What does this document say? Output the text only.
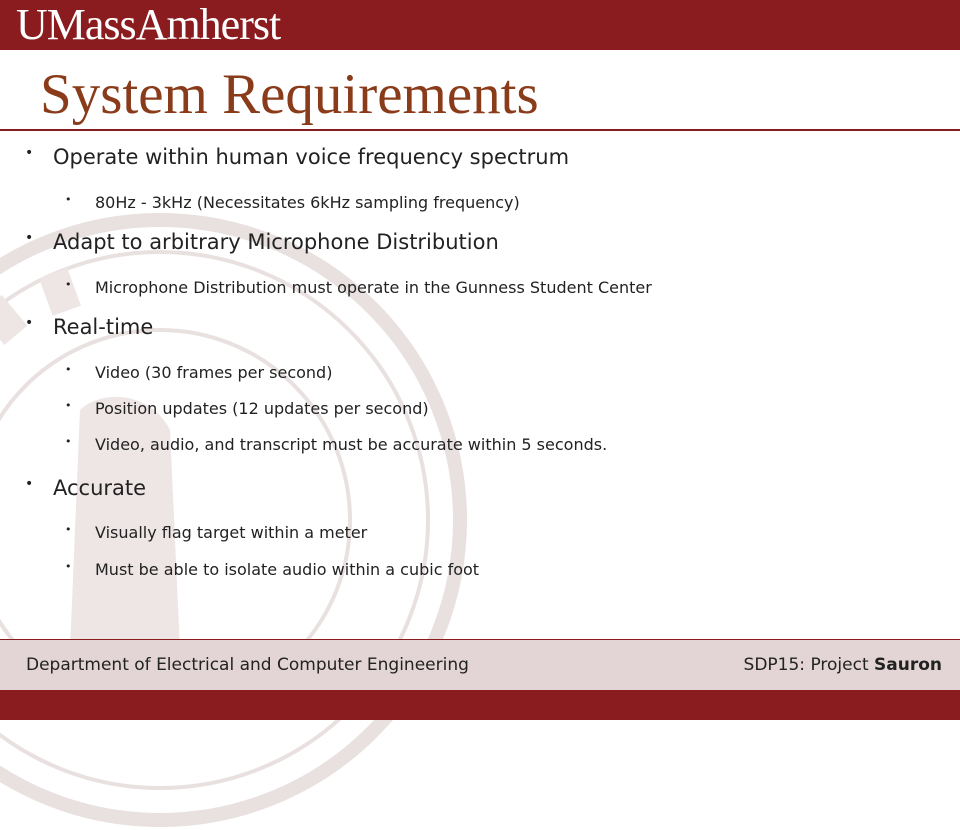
UMassAmherst
System Requirements
• Operate within human voice frequency spectrum
• 80Hz - 3kHz (Necessitates 6kHz sampling frequency)
• Adapt to arbitrary Microphone Distribution
• Microphone Distribution must operate in the Gunness Student Center
• Real-time
• Video (30 frames per second)
• Position updates (12 updates per second)
• Video, audio, and transcript must be accurate within 5 seconds.
• Accurate
• Visually flag target within a meter
• Must be able to isolate audio within a cubic foot
Department of Electrical and Computer Engineering	SDP15: Project Sauron
